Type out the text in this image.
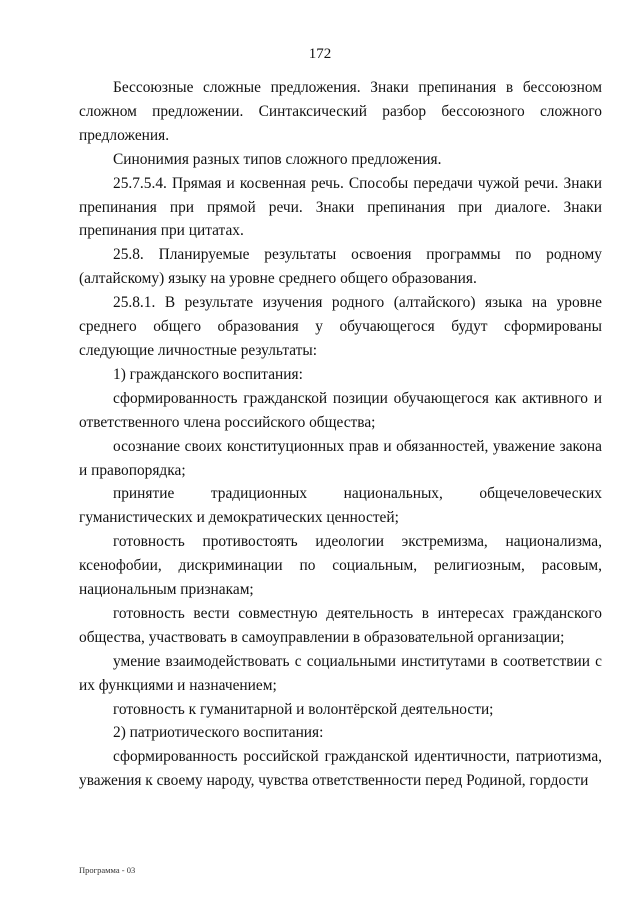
172

Бессоюзные сложные предложения. Знаки препинания в бессоюзном сложном предложении. Синтаксический разбор бессоюзного сложного предложения.

Синонимия разных типов сложного предложения.

25.7.5.4. Прямая и косвенная речь. Способы передачи чужой речи. Знаки препинания при прямой речи. Знаки препинания при диалоге. Знаки препинания при цитатах.

25.8. Планируемые результаты освоения программы по родному (алтайскому) языку на уровне среднего общего образования.

25.8.1. В результате изучения родного (алтайского) языка на уровне среднего общего образования у обучающегося будут сформированы следующие личностные результаты:

1) гражданского воспитания:

сформированность гражданской позиции обучающегося как активного и ответственного члена российского общества;

осознание своих конституционных прав и обязанностей, уважение закона и правопорядка;

принятие традиционных национальных, общечеловеческих гуманистических и демократических ценностей;

готовность противостоять идеологии экстремизма, национализма, ксенофобии, дискриминации по социальным, религиозным, расовым, национальным признакам;

готовность вести совместную деятельность в интересах гражданского общества, участвовать в самоуправлении в образовательной организации;

умение взаимодействовать с социальными институтами в соответствии с их функциями и назначением;

готовность к гуманитарной и волонтёрской деятельности;

2) патриотического воспитания:

сформированность российской гражданской идентичности, патриотизма, уважения к своему народу, чувства ответственности перед Родиной, гордости

Программа - 03
